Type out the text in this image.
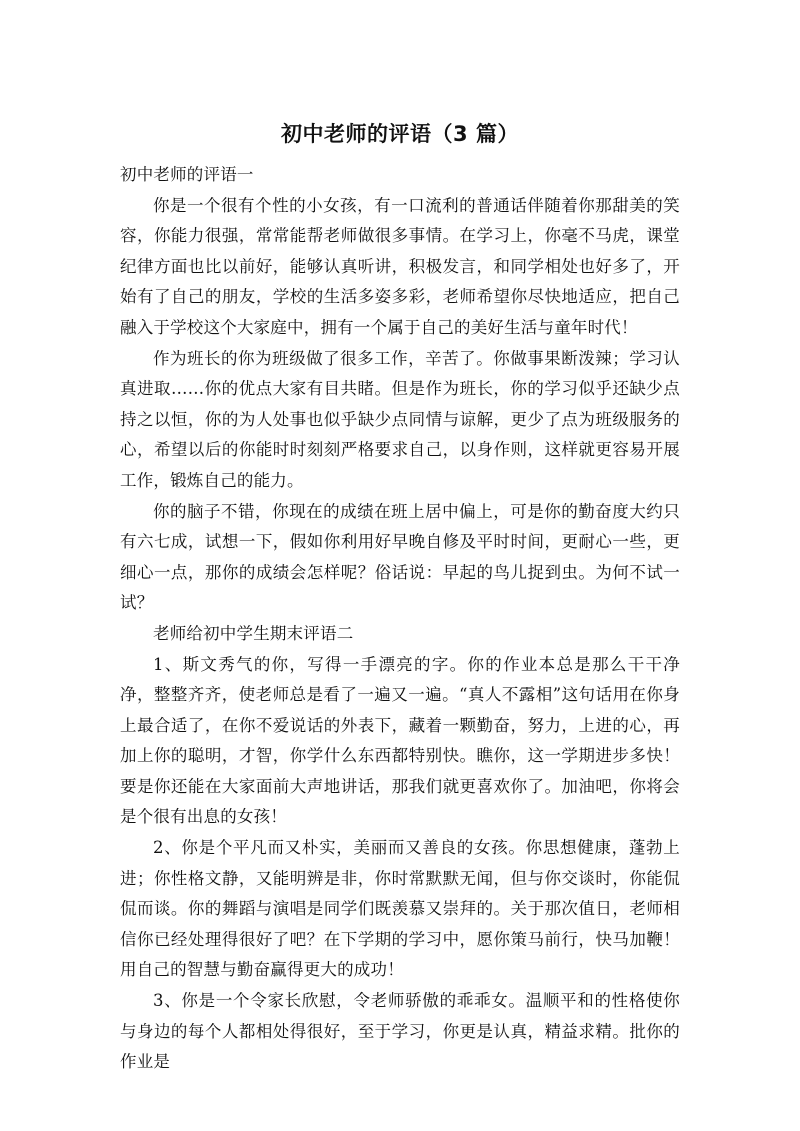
初中老师的评语（3 篇）

初中老师的评语一

你是一个很有个性的小女孩，有一口流利的普通话伴随着你那甜美的笑容，你能力很强，常常能帮老师做很多事情。在学习上，你毫不马虎，课堂纪律方面也比以前好，能够认真听讲，积极发言，和同学相处也好多了，开始有了自己的朋友，学校的生活多姿多彩，老师希望你尽快地适应，把自己融入于学校这个大家庭中，拥有一个属于自己的美好生活与童年时代！

作为班长的你为班级做了很多工作，辛苦了。你做事果断泼辣；学习认真进取……你的优点大家有目共睹。但是作为班长，你的学习似乎还缺少点持之以恒，你的为人处事也似乎缺少点同情与谅解，更少了点为班级服务的心，希望以后的你能时时刻刻严格要求自己，以身作则，这样就更容易开展工作，锻炼自己的能力。

你的脑子不错，你现在的成绩在班上居中偏上，可是你的勤奋度大约只有六七成，试想一下，假如你利用好早晚自修及平时时间，更耐心一些，更细心一点，那你的成绩会怎样呢？俗话说：早起的鸟儿捉到虫。为何不试一试？

老师给初中学生期末评语二

1、斯文秀气的你，写得一手漂亮的字。你的作业本总是那么干干净净，整整齐齐，使老师总是看了一遍又一遍。“真人不露相”这句话用在你身上最合适了，在你不爱说话的外表下，藏着一颗勤奋，努力，上进的心，再加上你的聪明，才智，你学什么东西都特别快。瞧你，这一学期进步多快！要是你还能在大家面前大声地讲话，那我们就更喜欢你了。加油吧，你将会是个很有出息的女孩！

2、你是个平凡而又朴实，美丽而又善良的女孩。你思想健康，蓬勃上进；你性格文静，又能明辨是非，你时常默默无闻，但与你交谈时，你能侃侃而谈。你的舞蹈与演唱是同学们既羡慕又崇拜的。关于那次值日，老师相信你已经处理得很好了吧？在下学期的学习中，愿你策马前行，快马加鞭！用自己的智慧与勤奋赢得更大的成功！

3、你是一个令家长欣慰，令老师骄傲的乖乖女。温顺平和的性格使你与身边的每个人都相处得很好，至于学习，你更是认真，精益求精。批你的作业是
